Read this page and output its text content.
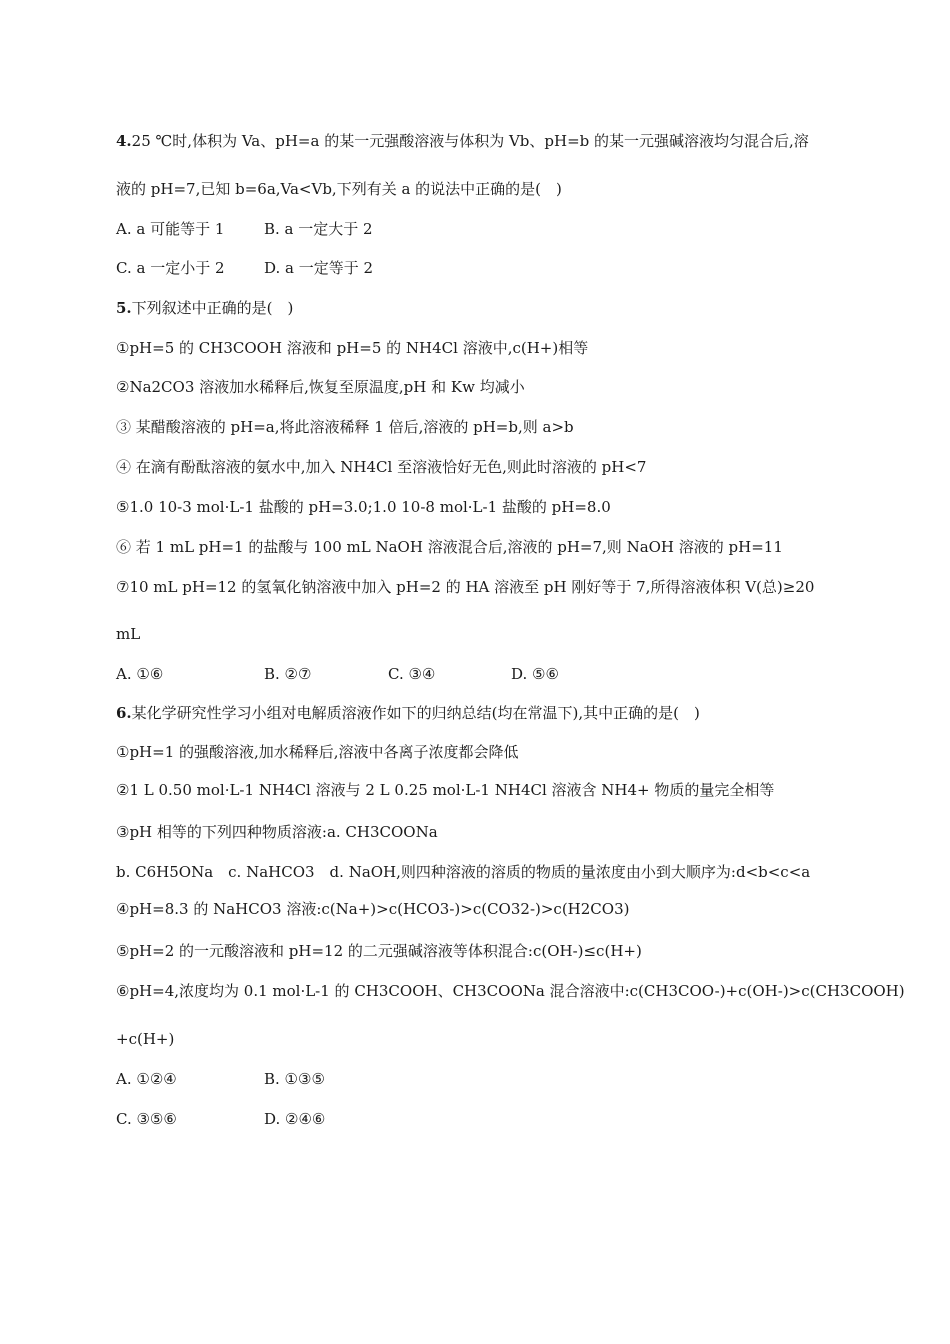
4.25 ℃时,体积为 Va、pH=a 的某一元强酸溶液与体积为 Vb、pH=b 的某一元强碱溶液均匀混合后,溶
液的 pH=7,已知 b=6a,Va<Vb,下列有关 a 的说法中正确的是(　)
A. a 可能等于 1	B. a 一定大于 2
C. a 一定小于 2	D. a 一定等于 2
5.下列叙述中正确的是(　)
①pH=5 的 CH3COOH 溶液和 pH=5 的 NH4Cl 溶液中,c(H+)相等
②Na2CO3 溶液加水稀释后,恢复至原温度,pH 和 Kw 均减小
③ 某醋酸溶液的 pH=a,将此溶液稀释 1 倍后,溶液的 pH=b,则 a>b
④ 在滴有酚酞溶液的氨水中,加入 NH4Cl 至溶液恰好无色,则此时溶液的 pH<7
⑤1.0 10-3 mol·L-1 盐酸的 pH=3.0;1.0 10-8 mol·L-1 盐酸的 pH=8.0
⑥ 若 1 mL pH=1 的盐酸与 100 mL NaOH 溶液混合后,溶液的 pH=7,则 NaOH 溶液的 pH=11
⑦10 mL pH=12 的氢氧化钠溶液中加入 pH=2 的 HA 溶液至 pH 刚好等于 7,所得溶液体积 V(总)≥20
mL
A. ①⑥	B. ②⑦	C. ③④	D. ⑤⑥
6.某化学研究性学习小组对电解质溶液作如下的归纳总结(均在常温下),其中正确的是(　)
①pH=1 的强酸溶液,加水稀释后,溶液中各离子浓度都会降低
②1 L 0.50 mol·L-1 NH4Cl 溶液与 2 L 0.25 mol·L-1 NH4Cl 溶液含 NH4+ 物质的量完全相等
③pH 相等的下列四种物质溶液:a. CH3COONa
b. C6H5ONa　c. NaHCO3　d. NaOH,则四种溶液的溶质的物质的量浓度由小到大顺序为:d<b<c<a
④pH=8.3 的 NaHCO3 溶液:c(Na+)>c(HCO3-)>c(CO32-)>c(H2CO3)
⑤pH=2 的一元酸溶液和 pH=12 的二元强碱溶液等体积混合:c(OH-)≤c(H+)
⑥pH=4,浓度均为 0.1 mol·L-1 的 CH3COOH、CH3COONa 混合溶液中:c(CH3COO-)+c(OH-)>c(CH3COOH)
+c(H+)
A. ①②④	B. ①③⑤
C. ③⑤⑥	D. ②④⑥
